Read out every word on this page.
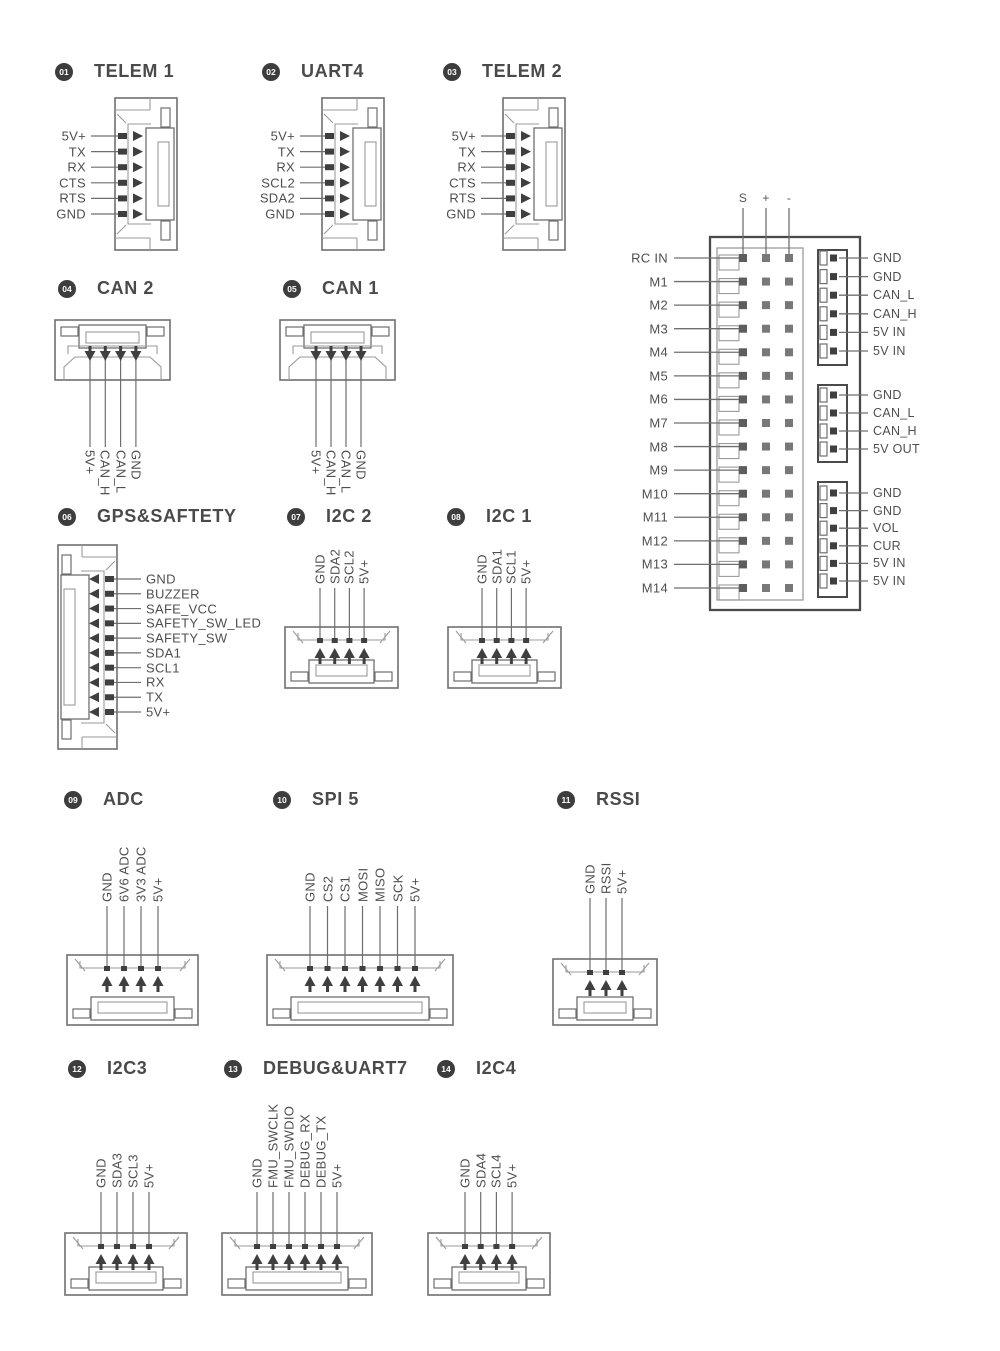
5V+
TX
RX
CTS
RTS
GND
5V+
TX
RX
SCL2
SDA2
GND
5V+
TX
RX
CTS
RTS
GND
5V+ CAN_H CAN_L GND	5V+ CAN_H CAN_L GND
GND
BUZZER
SAFE_VCC
SAFETY_SW_LED
SAFETY_SW
SDA1
SCL1
RX
TX
5V+
GND SDA2 SCL2 5V+	GND SDA1 SCL1 5V+
GND 6V6 ADC 3V3 ADC 5V+	GND CS2 CS1 MOSI MISO SCK 5V+	GND RSSI 5V+
GND SDA3 SCL3 5V+	GND FMU_SWCLK FMU_SWDIO DEBUG_RX DEBUG_TX 5V+	GND SDA4 SCL4 5V+
S + -
RC IN
M1
M2
M3
M4
M5
M6
M7
M8
M9
M10
M11
M12
M13
M14
GND
GND
CAN_L
CAN_H
5V IN
5V IN
GND
CAN_L
CAN_H
5V OUT
GND
GND
VOL
CUR
5V IN
5V IN
01 TELEM 1	02 UART4	03 TELEM 2
04 CAN 2	05 CAN 1
06 GPS&SAFTETY	07 I2C 2	08 I2C 1
09 ADC	10 SPI 5	11 RSSI
12 I2C3	13 DEBUG&UART7	14 I2C4
